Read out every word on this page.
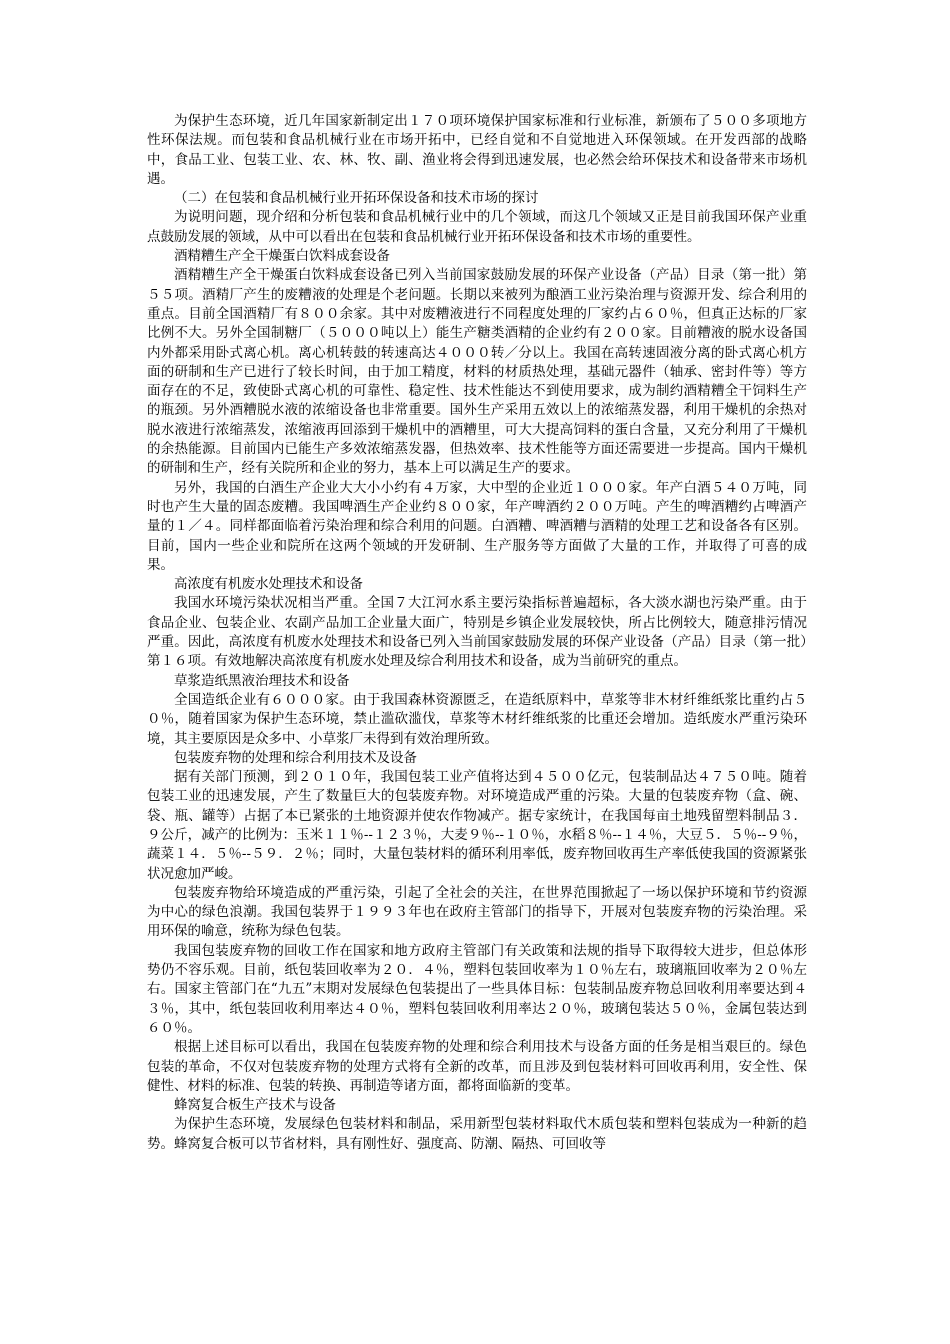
为保护生态环境，近几年国家新制定出１７０项环境保护国家标准和行业标准，新颁布了５００多项地方性环保法规。而包装和食品机械行业在市场开拓中，已经自觉和不自觉地进入环保领域。在开发西部的战略中，食品工业、包装工业、农、林、牧、副、渔业将会得到迅速发展，也必然会给环保技术和设备带来市场机遇。

（二）在包装和食品机械行业开拓环保设备和技术市场的探讨

为说明问题，现介绍和分析包装和食品机械行业中的几个领域，而这几个领域又正是目前我国环保产业重点鼓励发展的领域，从中可以看出在包装和食品机械行业开拓环保设备和技术市场的重要性。

酒精糟生产全干燥蛋白饮料成套设备

酒精糟生产全干燥蛋白饮料成套设备已列入当前国家鼓励发展的环保产业设备（产品）目录（第一批）第５５项。酒精厂产生的废糟液的处理是个老问题。长期以来被列为酿酒工业污染治理与资源开发、综合利用的重点。目前全国酒精厂有８００余家。其中对废糟液进行不同程度处理的厂家约占６０％，但真正达标的厂家比例不大。另外全国制糖厂（５０００吨以上）能生产糖类酒精的企业约有２００家。目前糟液的脱水设备国内外都采用卧式离心机。离心机转鼓的转速高达４０００转／分以上。我国在高转速固液分离的卧式离心机方面的研制和生产已进行了较长时间，由于加工精度，材料的材质热处理，基础元器件（轴承、密封件等）等方面存在的不足，致使卧式离心机的可靠性、稳定性、技术性能达不到使用要求，成为制约酒精糟全干饲料生产的瓶颈。另外酒糟脱水液的浓缩设备也非常重要。国外生产采用五效以上的浓缩蒸发器，利用干燥机的余热对脱水液进行浓缩蒸发，浓缩液再回添到干燥机中的酒糟里，可大大提高饲料的蛋白含量，又充分利用了干燥机的余热能源。目前国内已能生产多效浓缩蒸发器，但热效率、技术性能等方面还需要进一步提高。国内干燥机的研制和生产，经有关院所和企业的努力，基本上可以满足生产的要求。

另外，我国的白酒生产企业大大小小约有４万家，大中型的企业近１０００家。年产白酒５４０万吨，同时也产生大量的固态废糟。我国啤酒生产企业约８００家，年产啤酒约２００万吨。产生的啤酒糟约占啤酒产量的１／４。同样都面临着污染治理和综合利用的问题。白酒糟、啤酒糟与酒精的处理工艺和设备各有区别。目前，国内一些企业和院所在这两个领域的开发研制、生产服务等方面做了大量的工作，并取得了可喜的成果。

高浓度有机废水处理技术和设备

我国水环境污染状况相当严重。全国７大江河水系主要污染指标普遍超标，各大淡水湖也污染严重。由于食品企业、包装企业、农副产品加工企业量大面广，特别是乡镇企业发展较快，所占比例较大，随意排污情况严重。因此，高浓度有机废水处理技术和设备已列入当前国家鼓励发展的环保产业设备（产品）目录（第一批）第１６项。有效地解决高浓度有机废水处理及综合利用技术和设备，成为当前研究的重点。

草浆造纸黑液治理技术和设备

全国造纸企业有６０００家。由于我国森林资源匮乏，在造纸原料中，草浆等非木材纤维纸浆比重约占５０％，随着国家为保护生态环境，禁止滥砍滥伐，草浆等木材纤维纸浆的比重还会增加。造纸废水严重污染环境，其主要原因是众多中、小草浆厂未得到有效治理所致。

包装废弃物的处理和综合利用技术及设备

据有关部门预测，到２０１０年，我国包装工业产值将达到４５００亿元，包装制品达４７５０吨。随着包装工业的迅速发展，产生了数量巨大的包装废弃物。对环境造成严重的污染。大量的包装废弃物（盒、碗、袋、瓶、罐等）占据了本已紧张的土地资源并使农作物减产。据专家统计，在我国每亩土地残留塑料制品３．９公斤，减产的比例为：玉米１１％--１２３％，大麦９％--１０％，水稻８％--１４％，大豆５．５％--９％，蔬菜１４．５％--５９．２％；同时，大量包装材料的循环利用率低，废弃物回收再生产率低使我国的资源紧张状况愈加严峻。

包装废弃物给环境造成的严重污染，引起了全社会的关注，在世界范围掀起了一场以保护环境和节约资源为中心的绿色浪潮。我国包装界于１９９３年也在政府主管部门的指导下，开展对包装废弃物的污染治理。采用环保的喻意，统称为绿色包装。

我国包装废弃物的回收工作在国家和地方政府主管部门有关政策和法规的指导下取得较大进步，但总体形势仍不容乐观。目前，纸包装回收率为２０．４％，塑料包装回收率为１０％左右，玻璃瓶回收率为２０％左右。国家主管部门在“九五”末期对发展绿色包装提出了一些具体目标：包装制品废弃物总回收利用率要达到４３％，其中，纸包装回收利用率达４０％，塑料包装回收利用率达２０％，玻璃包装达５０％，金属包装达到６０％。

根据上述目标可以看出，我国在包装废弃物的处理和综合利用技术与设备方面的任务是相当艰巨的。绿色包装的革命，不仅对包装废弃物的处理方式将有全新的改革，而且涉及到包装材料可回收再利用，安全性、保健性、材料的标准、包装的转换、再制造等诸方面，都将面临新的变革。

蜂窝复合板生产技术与设备

为保护生态环境，发展绿色包装材料和制品，采用新型包装材料取代木质包装和塑料包装成为一种新的趋势。蜂窝复合板可以节省材料，具有刚性好、强度高、防潮、隔热、可回收等
